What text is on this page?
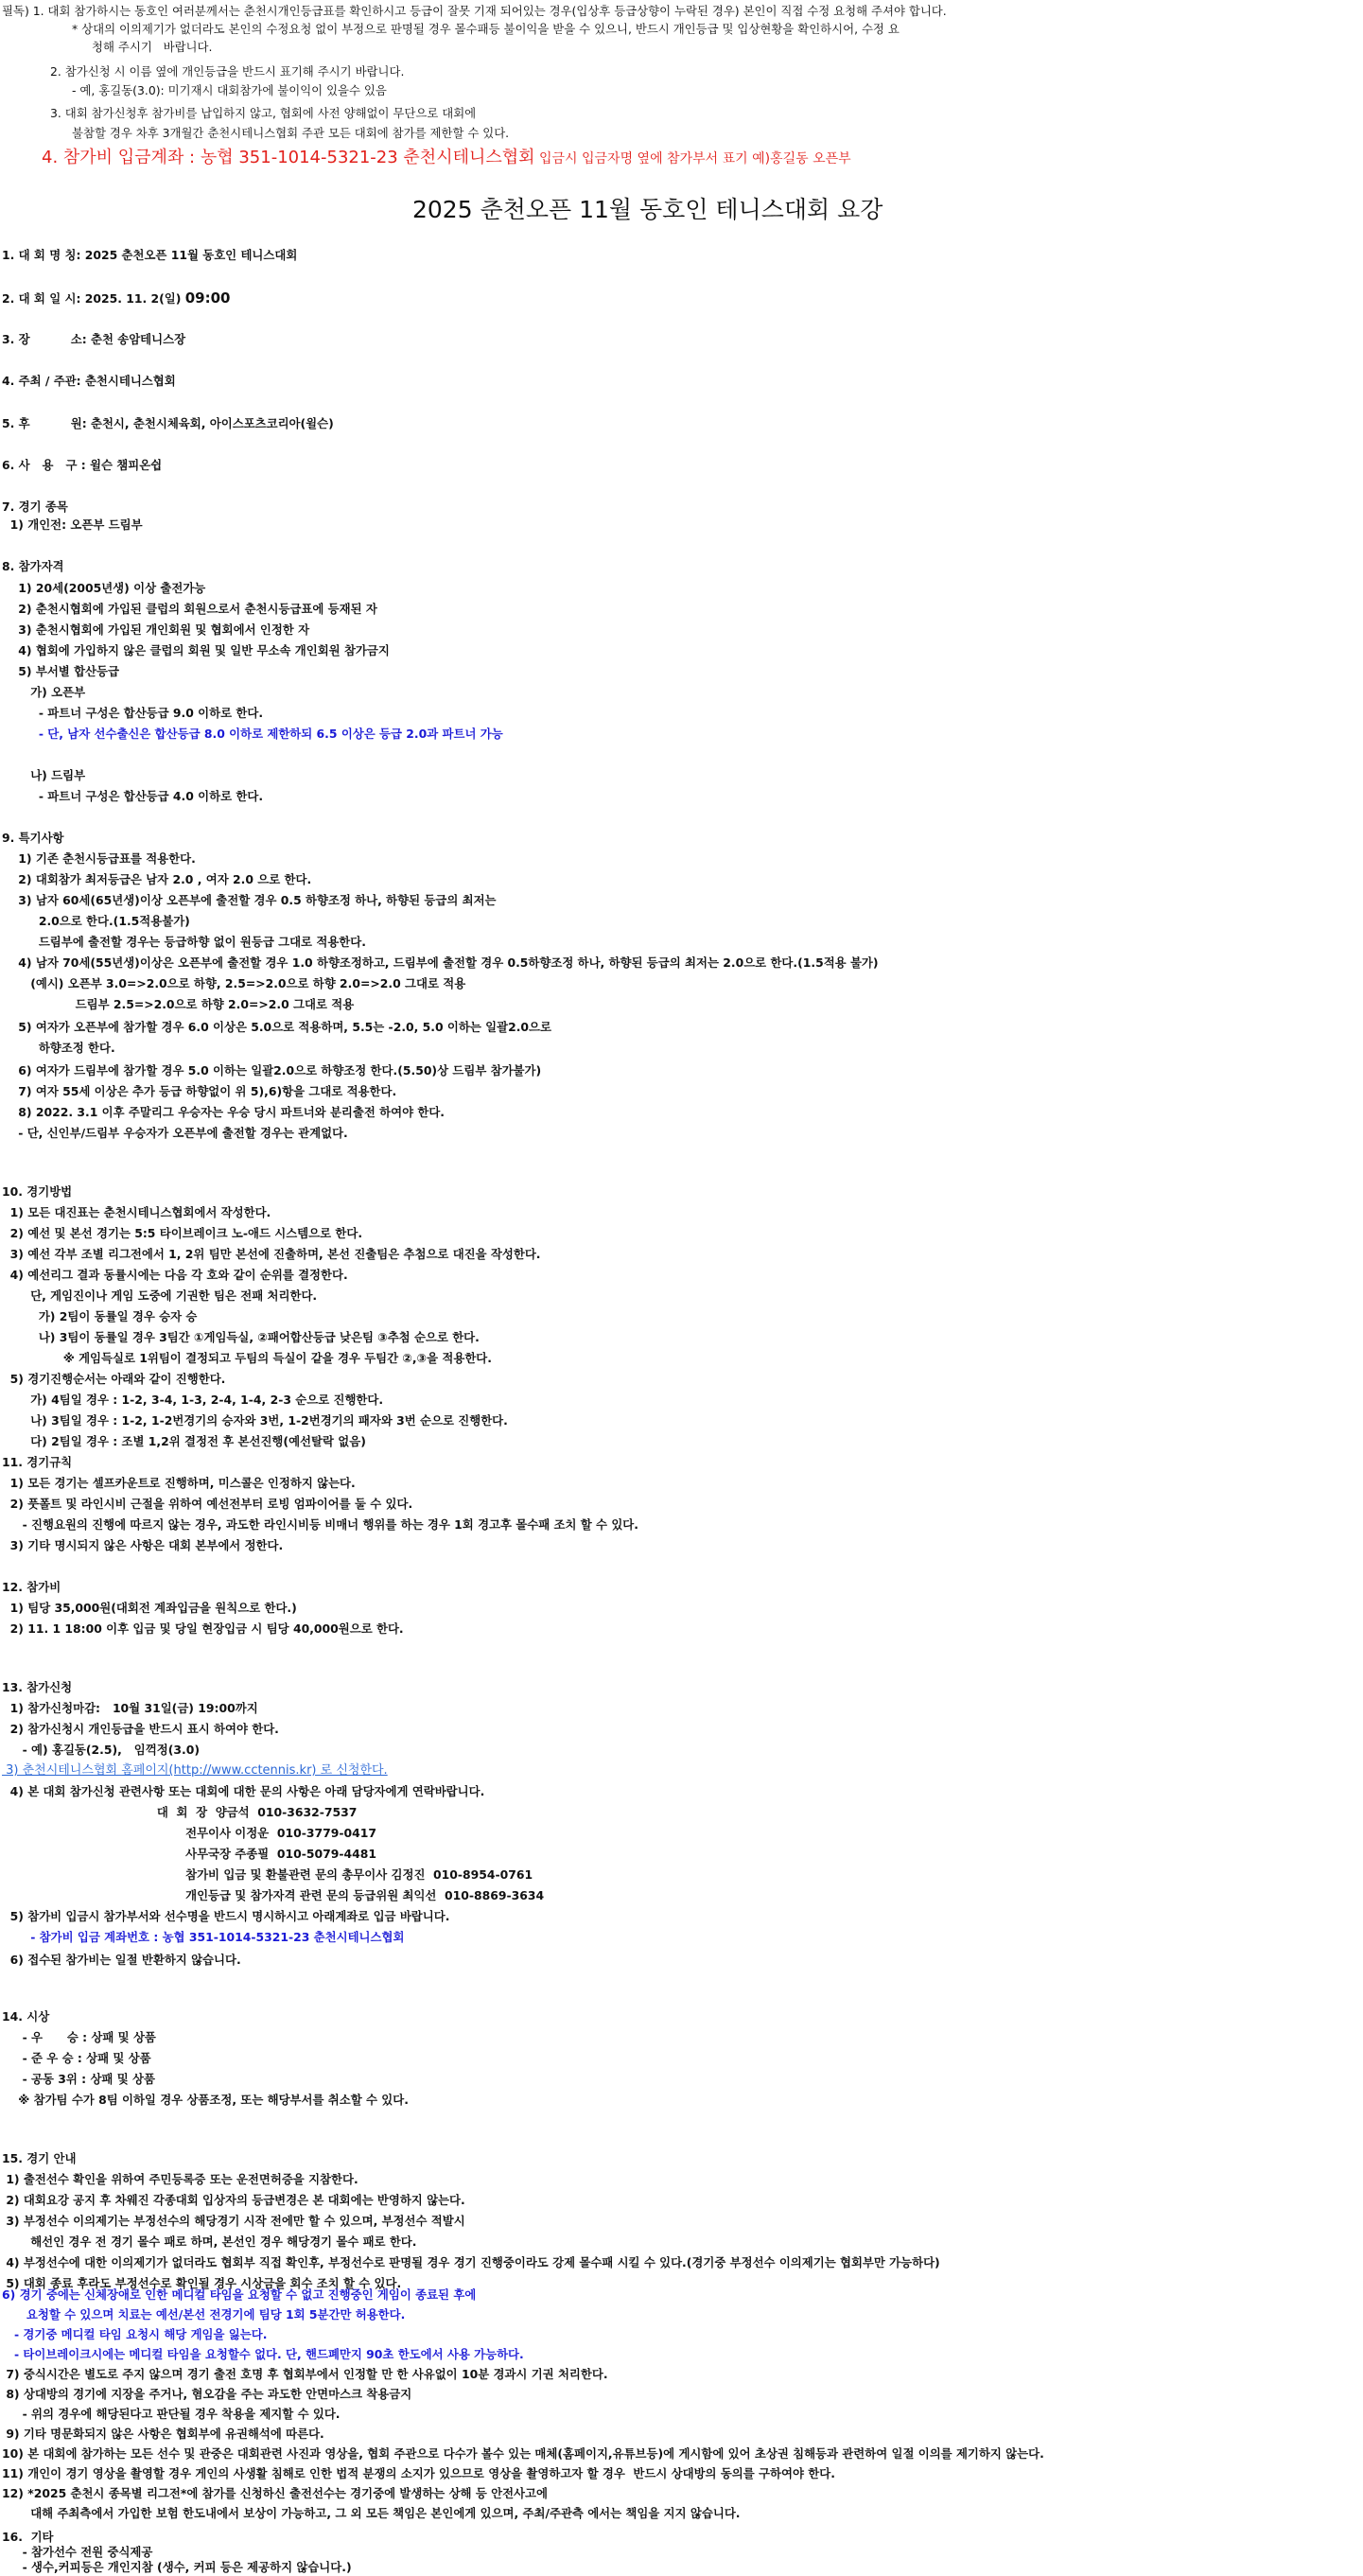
필독) 1. 대회 참가하시는 동호인 여러분께서는 춘천시개인등급표를 확인하시고 등급이 잘못 기재 되어있는 경우(입상후 등급상향이 누락된 경우) 본인이 직접 수정 요청해 주셔야 합니다.
* 상대의 이의제기가 없더라도 본인의 수정요청 없이 부정으로 판명될 경우 몰수패등 불이익을 받을 수 있으니, 반드시 개인등급 및 입상현황을 확인하시어, 수정 요
청해 주시기   바랍니다.
2. 참가신청 시 이름 옆에 개인등급을 반드시 표기해 주시기 바랍니다.
- 예, 홍길동(3.0): 미기재시 대회참가에 불이익이 있을수 있음
3. 대회 참가신청후 참가비를 납입하지 않고, 협회에 사전 양해없이 무단으로 대회에
불참할 경우 차후 3개월간 춘천시테니스협회 주관 모든 대회에 참가를 제한할 수 있다.
4. 참가비 입금계좌 : 농협 351-1014-5321-23 춘천시테니스협회 입금시 입금자명 옆에 참가부서 표기 예)홍길동 오픈부
2025 춘천오픈 11월 동호인 테니스대회 요강
1. 대 회 명 칭: 2025 춘천오픈 11월 동호인 테니스대회
2. 대 회 일 시: 2025. 11. 2(일) 09:00
3. 장          소: 춘천 송암테니스장
4. 주최 / 주관: 춘천시테니스협회
5. 후          원: 춘천시, 춘천시체육회, 아이스포츠코리아(윌슨)
6. 사   용   구 : 윌슨 챔피온쉽
7. 경기 종목
1) 개인전: 오픈부 드림부
8. 참가자격
1) 20세(2005년생) 이상 출전가능
2) 춘천시협회에 가입된 클럽의 회원으로서 춘천시등급표에 등재된 자
3) 춘천시협회에 가입된 개인회원 및 협회에서 인정한 자
4) 협회에 가입하지 않은 클럽의 회원 및 일반 무소속 개인회원 참가금지
5) 부서별 합산등급
가) 오픈부
- 파트너 구성은 합산등급 9.0 이하로 한다.
- 단, 남자 선수출신은 합산등급 8.0 이하로 제한하되 6.5 이상은 등급 2.0과 파트너 가능
나) 드림부
- 파트너 구성은 합산등급 4.0 이하로 한다.
9. 특기사항
1) 기존 춘천시등급표를 적용한다.
2) 대회참가 최저등급은 남자 2.0 , 여자 2.0 으로 한다.
3) 남자 60세(65년생)이상 오픈부에 출전할 경우 0.5 하향조정 하나, 하향된 등급의 최저는
2.0으로 한다.(1.5적용불가)
드림부에 출전할 경우는 등급하향 없이 원등급 그대로 적용한다.
4) 남자 70세(55년생)이상은 오픈부에 출전할 경우 1.0 하향조정하고, 드림부에 출전할 경우 0.5하향조정 하나, 하향된 등급의 최저는 2.0으로 한다.(1.5적용 불가)
(예시) 오픈부 3.0=>2.0으로 하향, 2.5=>2.0으로 하향 2.0=>2.0 그대로 적용
드림부 2.5=>2.0으로 하향 2.0=>2.0 그대로 적용
5) 여자가 오픈부에 참가할 경우 6.0 이상은 5.0으로 적용하며, 5.5는 -2.0, 5.0 이하는 일괄2.0으로
하향조정 한다.
6) 여자가 드림부에 참가할 경우 5.0 이하는 일괄2.0으로 하향조정 한다.(5.50)상 드림부 참가불가)
7) 여자 55세 이상은 추가 등급 하향없이 위 5),6)항을 그대로 적용한다.
8) 2022. 3.1 이후 주말리그 우승자는 우승 당시 파트너와 분리출전 하여야 한다.
- 단, 신인부/드림부 우승자가 오픈부에 출전할 경우는 관계없다.
10. 경기방법
1) 모든 대진표는 춘천시테니스협회에서 작성한다.
2) 예선 및 본선 경기는 5:5 타이브레이크 노-애드 시스템으로 한다.
3) 예선 각부 조별 리그전에서 1, 2위 팀만 본선에 진출하며, 본선 진출팀은 추첨으로 대진을 작성한다.
4) 예선리그 결과 동률시에는 다음 각 호와 같이 순위를 결정한다.
단, 게임진이나 게임 도중에 기권한 팀은 전패 처리한다.
가) 2팀이 동률일 경우 승자 승
나) 3팀이 동률일 경우 3팀간 ①게임득실, ②패어합산등급 낮은팀 ③추첨 순으로 한다.
※ 게임득실로 1위팀이 결정되고 두팀의 득실이 같을 경우 두팀간 ②,③을 적용한다.
5) 경기진행순서는 아래와 같이 진행한다.
가) 4팀일 경우 : 1-2, 3-4, 1-3, 2-4, 1-4, 2-3 순으로 진행한다.
나) 3팀일 경우 : 1-2, 1-2번경기의 승자와 3번, 1-2번경기의 패자와 3번 순으로 진행한다.
다) 2팀일 경우 : 조별 1,2위 결정전 후 본선진행(예선탈락 없음)
11. 경기규칙
1) 모든 경기는 셀프카운트로 진행하며, 미스콜은 인정하지 않는다.
2) 풋폴트 및 라인시비 근절을 위하여 예선전부터 로빙 엄파이어를 둘 수 있다.
- 진행요원의 진행에 따르지 않는 경우, 과도한 라인시비등 비매너 행위를 하는 경우 1회 경고후 몰수패 조치 할 수 있다.
3) 기타 명시되지 않은 사항은 대회 본부에서 정한다.
12. 참가비
1) 팀당 35,000원(대회전 계좌입금을 원칙으로 한다.)
2) 11. 1 18:00 이후 입금 및 당일 현장입금 시 팀당 40,000원으로 한다.
13. 참가신청
1) 참가신청마감:   10월 31일(금) 19:00까지
2) 참가신청시 개인등급을 반드시 표시 하여야 한다.
- 예) 홍길동(2.5),   임꺽정(3.0)
3) 춘천시테니스협회 홈페이지(http://www.cctennis.kr) 로 신청한다.
4) 본 대회 참가신청 관련사항 또는 대회에 대한 문의 사항은 아래 담당자에게 연락바랍니다.
대  회  장  양금석  010-3632-7537
전무이사 이정운  010-3779-0417
사무국장 주종필  010-5079-4481
참가비 입금 및 환불관련 문의 총무이사 김정진  010-8954-0761
개인등급 및 참가자격 관련 문의 등급위원 최익선  010-8869-3634
5) 참가비 입금시 참가부서와 선수명을 반드시 명시하시고 아래계좌로 입금 바랍니다.
- 참가비 입금 계좌번호 : 농협 351-1014-5321-23 춘천시테니스협회
6) 접수된 참가비는 일절 반환하지 않습니다.
14. 시상
- 우      승 : 상패 및 상품
- 준 우 승 : 상패 및 상품
- 공동 3위 : 상패 및 상품
※ 참가팀 수가 8팀 이하일 경우 상품조정, 또는 해당부서를 취소할 수 있다.
15. 경기 안내
1) 출전선수 확인을 위하여 주민등록증 또는 운전면허증을 지참한다.
2) 대회요강 공지 후 차웨진 각종대회 입상자의 등급변경은 본 대회에는 반영하지 않는다.
3) 부정선수 이의제기는 부정선수의 해당경기 시작 전에만 할 수 있으며, 부정선수 적발시
해선인 경우 전 경기 몰수 패로 하며, 본선인 경우 해당경기 몰수 패로 한다.
4) 부정선수에 대한 이의제기가 없더라도 협회부 직접 확인후, 부정선수로 판명될 경우 경기 진행중이라도 강제 몰수패 시킬 수 있다.(경기중 부정선수 이의제기는 협회부만 가능하다)
5) 대회 종료 후라도 부정선수로 확인될 경우 시상금을 회수 조치 할 수 있다.
6) 경기 중에는 신체장애로 인한 메디컬 타임을 요청할 수 없고 진행중인 게임이 종료된 후에
요청할 수 있으며 치료는 예선/본선 전경기에 팀당 1회 5분간만 허용한다.
- 경기중 메디컬 타임 요청시 해당 게임을 잃는다.
- 타이브레이크시에는 메디컬 타임을 요청할수 없다. 단, 핸드폐만지 90초 한도에서 사용 가능하다.
7) 중식시간은 별도로 주지 않으며 경기 출전 호명 후 협회부에서 인정할 만 한 사유없이 10분 경과시 기권 처리한다.
8) 상대방의 경기에 지장을 주거나, 혐오감을 주는 과도한 안면마스크 착용금지
- 위의 경우에 해당된다고 판단될 경우 착용을 제지할 수 있다.
9) 기타 명문화되지 않은 사항은 협회부에 유권해석에 따른다.
10) 본 대회에 참가하는 모든 선수 및 관중은 대회관련 사진과 영상을, 협회 주관으로 다수가 볼수 있는 매체(홈페이지,유튜브등)에 게시함에 있어 초상권 침해등과 관련하여 일절 이의를 제기하지 않는다.
11) 개인이 경기 영상을 촬영할 경우 게인의 사생활 침해로 인한 법적 분쟁의 소지가 있으므로 영상을 촬영하고자 할 경우  반드시 상대방의 동의를 구하여야 한다.
12) *2025 춘천시 종목별 리그전*에 참가를 신청하신 출전선수는 경기중에 발생하는 상해 등 안전사고에
대해 주최측에서 가입한 보험 한도내에서 보상이 가능하고, 그 외 모든 책임은 본인에게 있으며, 주최/주관측 에서는 책임을 지지 않습니다.
16.  기타
- 참가선수 전원 중식제공
- 생수,커피등은 개인지참 (생수, 커피 등은 제공하지 않습니다.)
